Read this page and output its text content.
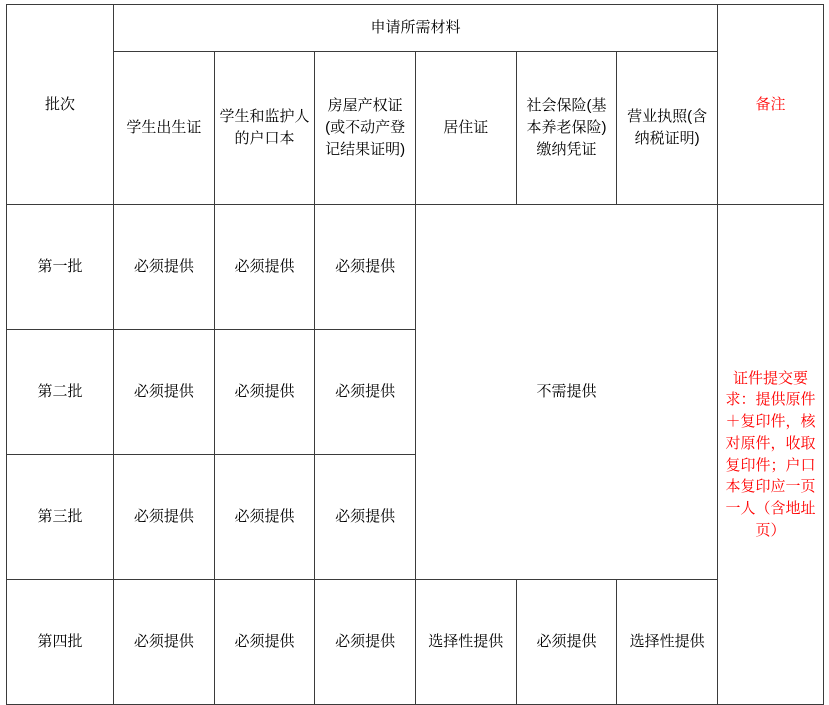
批次	申请所需材料						备注
	学生出生证	学生和监护人的户口本	房屋产权证(或不动产登记结果证明)	居住证	社会保险(基本养老保险)缴纳凭证	营业执照(含纳税证明)	
第一批	必须提供	必须提供	必须提供	不需提供			证件提交要求：提供原件＋复印件，核对原件，收取复印件；户口本复印应一页一人（含地址页）
第二批	必须提供	必须提供	必须提供				
第三批	必须提供	必须提供	必须提供				
第四批	必须提供	必须提供	必须提供	选择性提供	必须提供	选择性提供	
